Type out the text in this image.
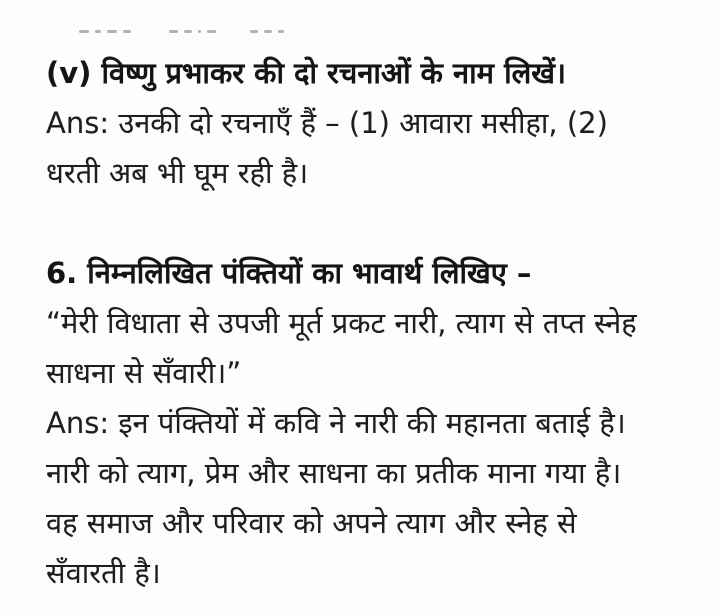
(v) विष्णु प्रभाकर की दो रचनाओं के नाम लिखें।

Ans: उनकी दो रचनाएँ हैं – (1) आवारा मसीहा, (2)

धरती अब भी घूम रही है।

6. निम्नलिखित पंक्तियों का भावार्थ लिखिए –

“मेरी विधाता से उपजी मूर्त प्रकट नारी, त्याग से तप्त स्नेह

साधना से सँवारी।”

Ans: इन पंक्तियों में कवि ने नारी की महानता बताई है।

नारी को त्याग, प्रेम और साधना का प्रतीक माना गया है।

वह समाज और परिवार को अपने त्याग और स्नेह से

सँवारती है।
